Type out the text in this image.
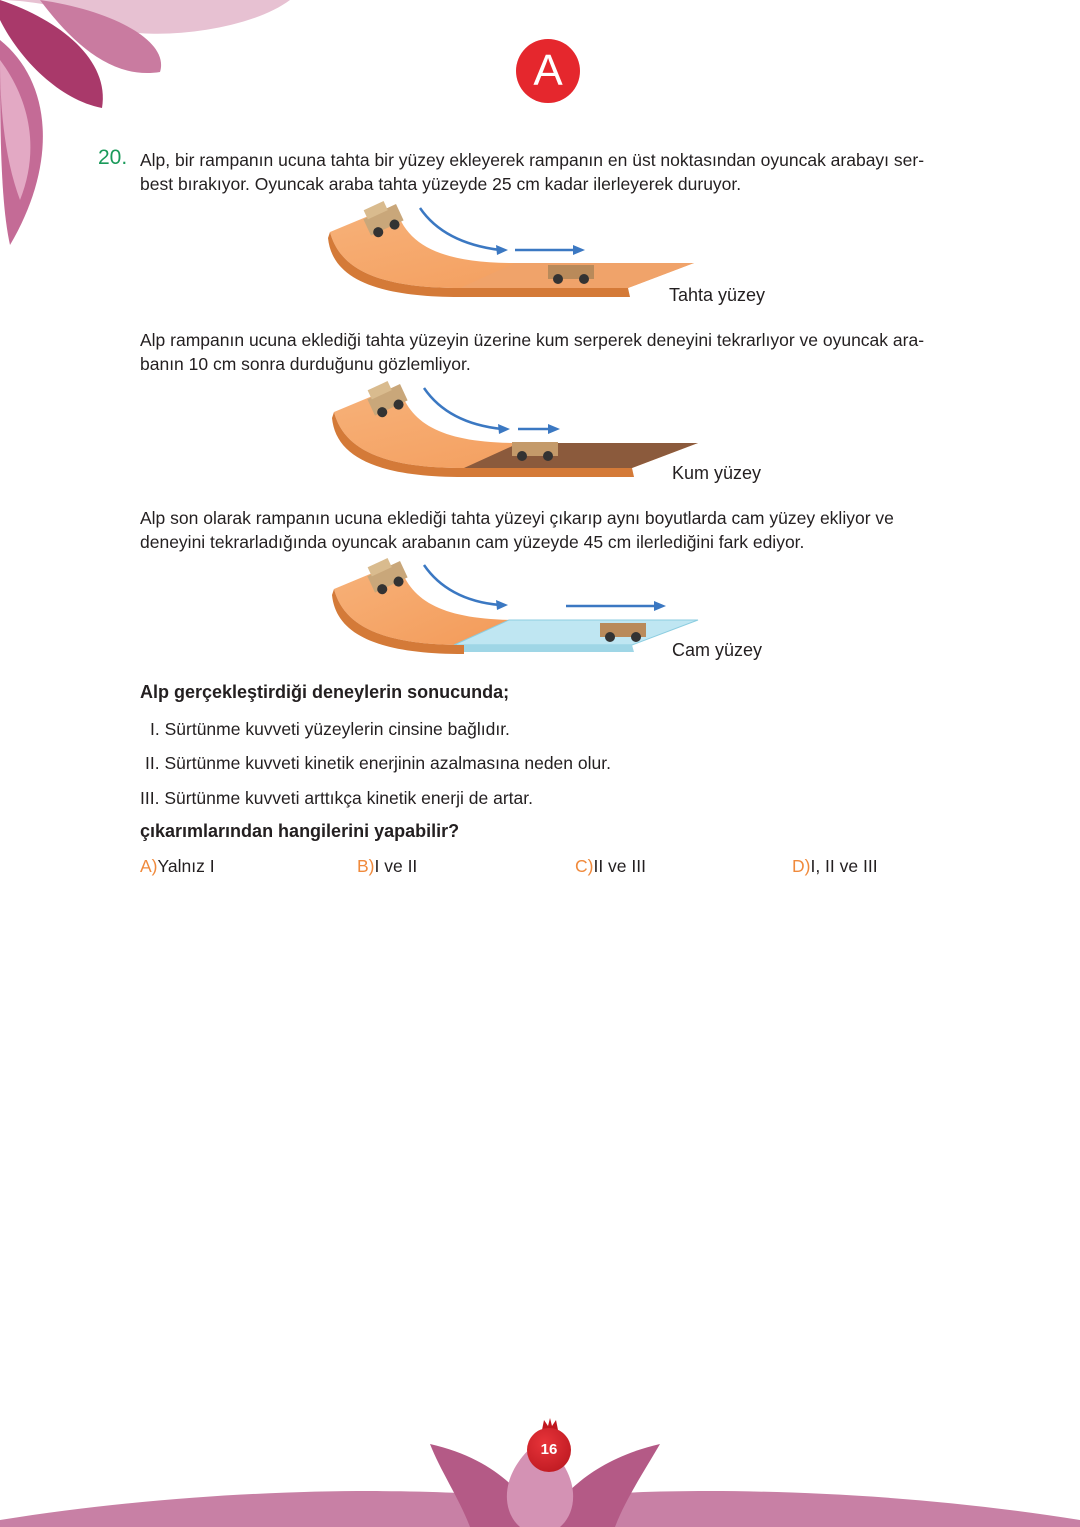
A
20. Alp, bir rampanın ucuna tahta bir yüzey ekleyerek rampanın en üst noktasından oyuncak arabayı ser-
best bırakıyor. Oyuncak araba tahta yüzeyde 25 cm kadar ilerleyerek duruyor.
Tahta yüzey
Alp rampanın ucuna eklediği tahta yüzeyin üzerine kum serperek deneyini tekrarlıyor ve oyuncak ara-
banın 10 cm sonra durduğunu gözlemliyor.
Kum yüzey
Alp son olarak rampanın ucuna eklediği tahta yüzeyi çıkarıp aynı boyutlarda cam yüzey ekliyor ve
deneyini tekrarladığında oyuncak arabanın cam yüzeyde 45 cm ilerlediğini fark ediyor.
Cam yüzey
Alp gerçekleştirdiği deneylerin sonucunda;
I. Sürtünme kuvveti yüzeylerin cinsine bağlıdır.
II. Sürtünme kuvveti kinetik enerjinin azalmasına neden olur.
III. Sürtünme kuvveti arttıkça kinetik enerji de artar.
çıkarımlarından hangilerini yapabilir?
A)Yalnız I	B)I ve II	C)II ve III	D)I, II ve III
16
